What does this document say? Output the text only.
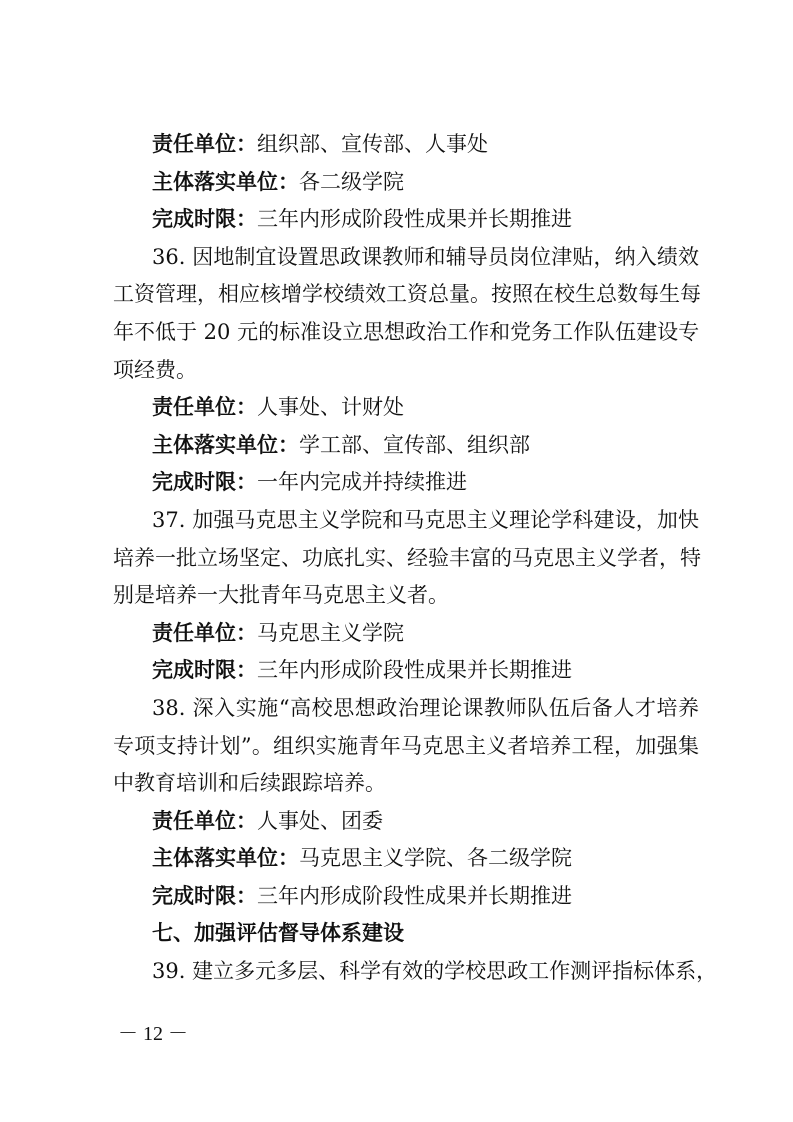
责任单位：组织部、宣传部、人事处
主体落实单位：各二级学院
完成时限：三年内形成阶段性成果并长期推进
36. 因地制宜设置思政课教师和辅导员岗位津贴，纳入绩效
工资管理，相应核增学校绩效工资总量。按照在校生总数每生每
年不低于 20 元的标准设立思想政治工作和党务工作队伍建设专
项经费。
责任单位：人事处、计财处
主体落实单位：学工部、宣传部、组织部
完成时限：一年内完成并持续推进
37. 加强马克思主义学院和马克思主义理论学科建设，加快
培养一批立场坚定、功底扎实、经验丰富的马克思主义学者，特
别是培养一大批青年马克思主义者。
责任单位：马克思主义学院
完成时限：三年内形成阶段性成果并长期推进
38. 深入实施“高校思想政治理论课教师队伍后备人才培养
专项支持计划”。组织实施青年马克思主义者培养工程，加强集
中教育培训和后续跟踪培养。
责任单位：人事处、团委
主体落实单位：马克思主义学院、各二级学院
完成时限：三年内形成阶段性成果并长期推进
七、加强评估督导体系建设
39. 建立多元多层、科学有效的学校思政工作测评指标体系，
－ 12 －
